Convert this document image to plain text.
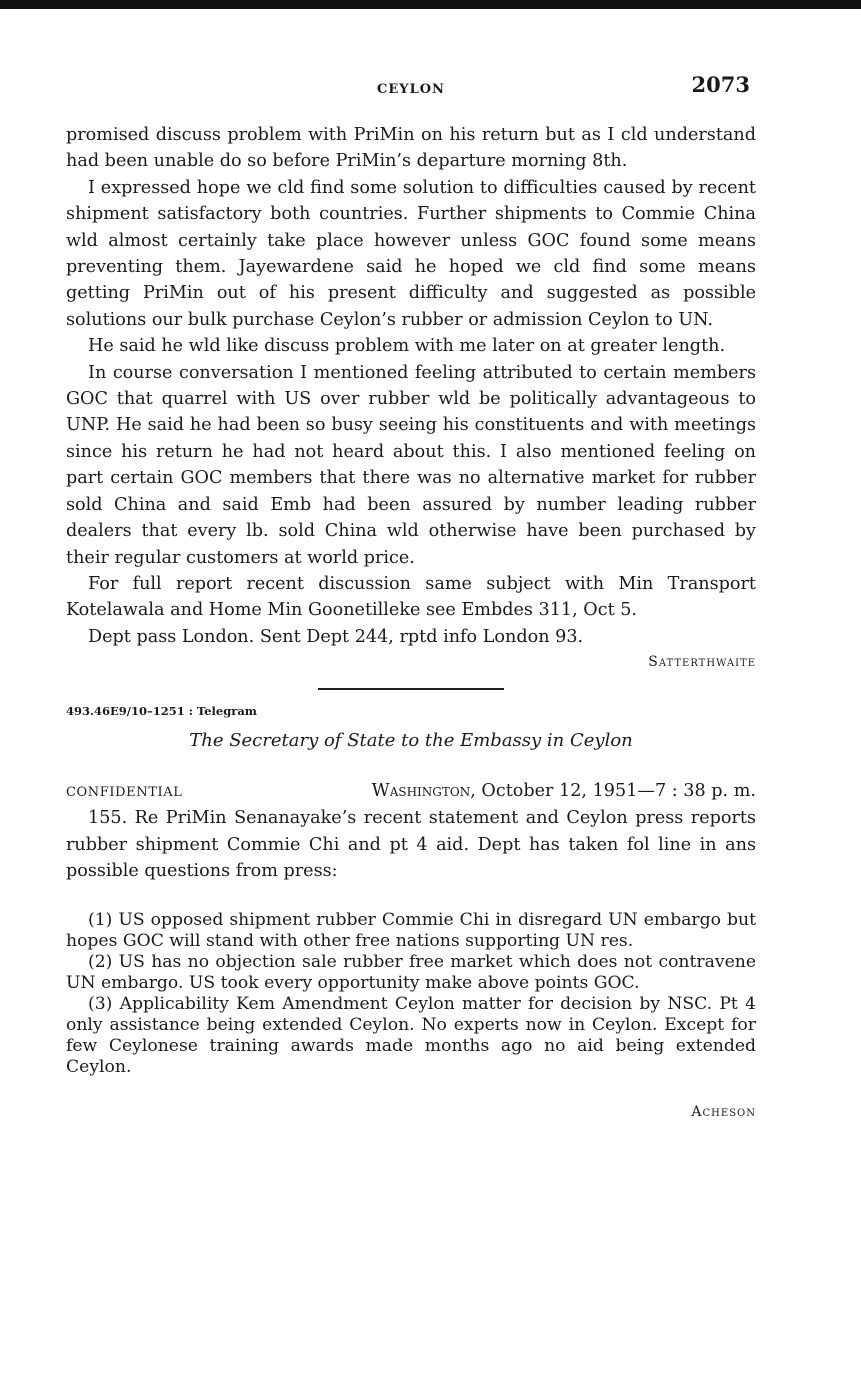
CEYLON	2073

promised discuss problem with PriMin on his return but as I cld understand had been unable do so before PriMin’s departure morning 8th.

I expressed hope we cld find some solution to difficulties caused by recent shipment satisfactory both countries. Further shipments to Commie China wld almost certainly take place however unless GOC found some means preventing them. Jayewardene said he hoped we cld find some means getting PriMin out of his present difficulty and suggested as possible solutions our bulk purchase Ceylon’s rubber or admission Ceylon to UN.

He said he wld like discuss problem with me later on at greater length.

In course conversation I mentioned feeling attributed to certain members GOC that quarrel with US over rubber wld be politically advantageous to UNP. He said he had been so busy seeing his constituents and with meetings since his return he had not heard about this. I also mentioned feeling on part certain GOC members that there was no alternative market for rubber sold China and said Emb had been assured by number leading rubber dealers that every lb. sold China wld otherwise have been purchased by their regular customers at world price.

For full report recent discussion same subject with Min Transport Kotelawala and Home Min Goonetilleke see Embdes 311, Oct 5.

Dept pass London. Sent Dept 244, rptd info London 93.

Satterthwaite
493.46E9/10–1251 : Telegram
The Secretary of State to the Embassy in Ceylon
CONFIDENTIAL	Washington, October 12, 1951—7 : 38 p. m.

155. Re PriMin Senanayake’s recent statement and Ceylon press reports rubber shipment Commie Chi and pt 4 aid. Dept has taken fol line in ans possible questions from press:

(1) US opposed shipment rubber Commie Chi in disregard UN embargo but hopes GOC will stand with other free nations supporting UN res.

(2) US has no objection sale rubber free market which does not contravene UN embargo. US took every opportunity make above points GOC.

(3) Applicability Kem Amendment Ceylon matter for decision by NSC. Pt 4 only assistance being extended Ceylon. No experts now in Ceylon. Except for few Ceylonese training awards made months ago no aid being extended Ceylon.

Acheson
